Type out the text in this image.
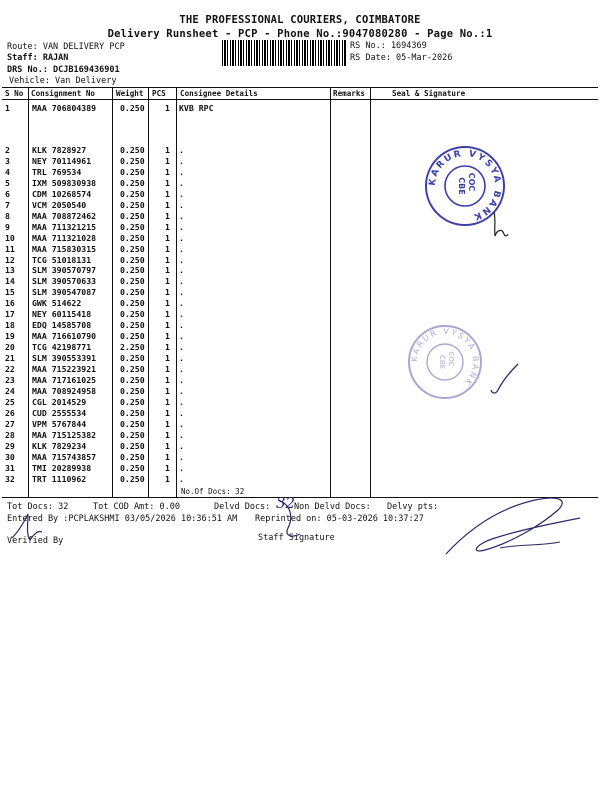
THE PROFESSIONAL COURIERS, COIMBATORE
Delivery Runsheet - PCP - Phone No.:9047080280 - Page No.:1
Route: VAN DELIVERY PCP
Staff: RAJAN
DRS No.: DCJB169436901
Vehicle: Van Delivery
RS No.: 1694369
RS Date: 05-Mar-2026
S No Consignment No	Weight PCS Consignee Details	Remarks	Seal & Signature
1	MAA 706804389	0.250 1 KVB RPC
2	KLK 7828927	0.250 1 .
3	NEY 70114961	0.250 1 .
4	TRL 769534	0.250 1 .
5	IXM 509830938	0.250 1 .
6	CDM 10268574	0.250 1 .
7	VCM 2050540	0.250 1 .
8	MAA 708872462	0.250 1 .
9	MAA 711321215	0.250 1 .
10 MAA 711321028	0.250 1 .
11 MAA 715830315	0.250 1 .
12 TCG 51018131	0.250 1 .
13 SLM 390570797	0.250 1 .
14 SLM 390570633	0.250 1 .
15 SLM 390547087	0.250 1 .
16 GWK 514622	0.250 1 .
17 NEY 60115418	0.250 1 .
18 EDQ 14585708	0.250 1 .
19 MAA 716610790	0.250 1 .
20 TCG 42198771	2.250 1 .
21 SLM 390553391	0.250 1 .
22 MAA 715223921	0.250 1 .
23 MAA 717161025	0.250 1 .
24 MAA 708924958	0.250 1 .
25 CGL 2014529	0.250 1 .
26 CUD 2555534	0.250 1 .
27 VPM 5767844	0.250 1 .
28 MAA 715125382	0.250 1 .
29 KLK 7829234	0.250 1 .
30 MAA 715743857	0.250 1 .
31 TMI 20289938	0.250 1 .
32 TRT 1110962	0.250 1 .
No.Of Docs: 32
Tot Docs: 32	Tot COD Amt: 0.00	Delvd Docs:	Non Delvd Docs: Delvy pts:
Entered By :PCPLAKSHMI 03/05/2026 10:36:51 AM Reprinted on: 05-03-2026 10:37:27
Verified By	Staff Signature
32
KARUR VYSYA BANK
COC
CBE
KARUR VYSYA BANK
COC
CBE
